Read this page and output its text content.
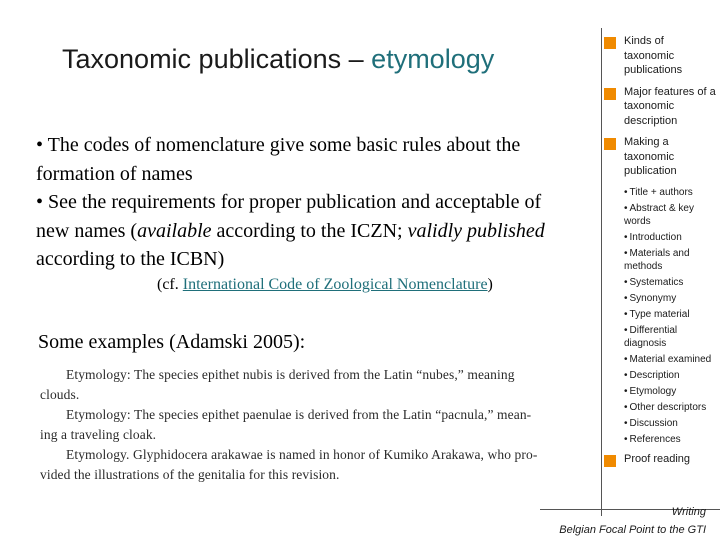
Taxonomic publications – etymology

• The codes of nomenclature give some basic rules about the formation of names

• See the requirements for proper publication and acceptable of new names (available according to the ICZN; validly published according to the ICBN)

(cf. International Code of Zoological Nomenclature)
Some examples (Adamski 2005):
Etymology: The species epithet nubis is derived from the Latin “nubes,” meaning
clouds.
Etymology: The species epithet paenulae is derived from the Latin “pacnula,” mean-
ing a traveling cloak.
Etymology. Glyphidocera arakawae is named in honor of Kumiko Arakawa, who pro-
vided the illustrations of the genitalia for this revision.
Kinds of taxonomic publications
Major features of a taxonomic description
Making a taxonomic publication
• Title + authors
• Abstract & key words
• Introduction
• Materials and methods
• Systematics
• Synonymy
• Type material
• Differential diagnosis
• Material examined
• Description
• Etymology
• Other descriptors
• Discussion
• References
Proof reading
Writing
Belgian Focal Point to the GTI
